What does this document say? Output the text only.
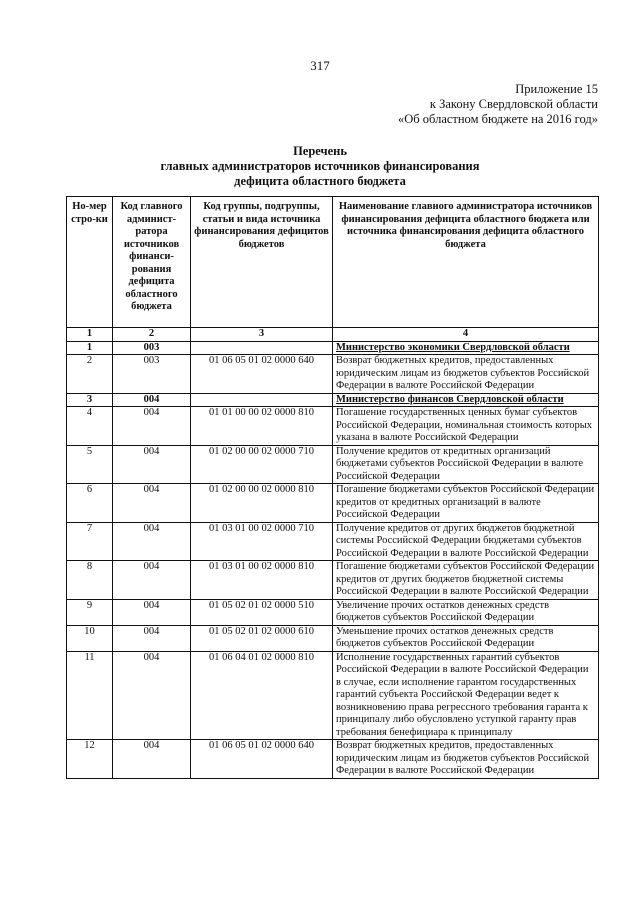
317
Приложение 15
к Закону Свердловской области
«Об областном бюджете на 2016 год»
Перечень
главных администраторов источников финансирования
дефицита областного бюджета
Но-мер стро-ки	Код главного админист-ратора источников финанси-рования дефицита областного бюджета	Код группы, подгруппы, статьи и вида источника финансирования дефицитов бюджетов	Наименование главного администратора источников финансирования дефицита областного бюджета или источника финансирования дефицита областного бюджета
1	2	3	4
1	003		Министерство экономики Свердловской области
2	003	01 06 05 01 02 0000 640	Возврат бюджетных кредитов, предоставленных юридическим лицам из бюджетов субъектов Российской Федерации в валюте Российской Федерации
3	004		Министерство финансов Свердловской области
4	004	01 01 00 00 02 0000 810	Погашение государственных ценных бумаг субъектов Российской Федерации, номинальная стоимость которых указана в валюте Российской Федерации
5	004	01 02 00 00 02 0000 710	Получение кредитов от кредитных организаций бюджетами субъектов Российской Федерации в валюте Российской Федерации
6	004	01 02 00 00 02 0000 810	Погашение бюджетами субъектов Российской Федерации кредитов от кредитных организаций в валюте Российской Федерации
7	004	01 03 01 00 02 0000 710	Получение кредитов от других бюджетов бюджетной системы Российской Федерации бюджетами субъектов Российской Федерации в валюте Российской Федерации
8	004	01 03 01 00 02 0000 810	Погашение бюджетами субъектов Российской Федерации кредитов от других бюджетов бюджетной системы Российской Федерации в валюте Российской Федерации
9	004	01 05 02 01 02 0000 510	Увеличение прочих остатков денежных средств бюджетов субъектов Российской Федерации
10	004	01 05 02 01 02 0000 610	Уменьшение прочих остатков денежных средств бюджетов субъектов Российской Федерации
11	004	01 06 04 01 02 0000 810	Исполнение государственных гарантий субъектов Российской Федерации в валюте Российской Федерации в случае, если исполнение гарантом государственных гарантий субъекта Российской Федерации ведет к возникновению права регрессного требования гаранта к принципалу либо обусловлено уступкой гаранту прав требования бенефициара к принципалу
12	004	01 06 05 01 02 0000 640	Возврат бюджетных кредитов, предоставленных юридическим лицам из бюджетов субъектов Российской Федерации в валюте Российской Федерации
